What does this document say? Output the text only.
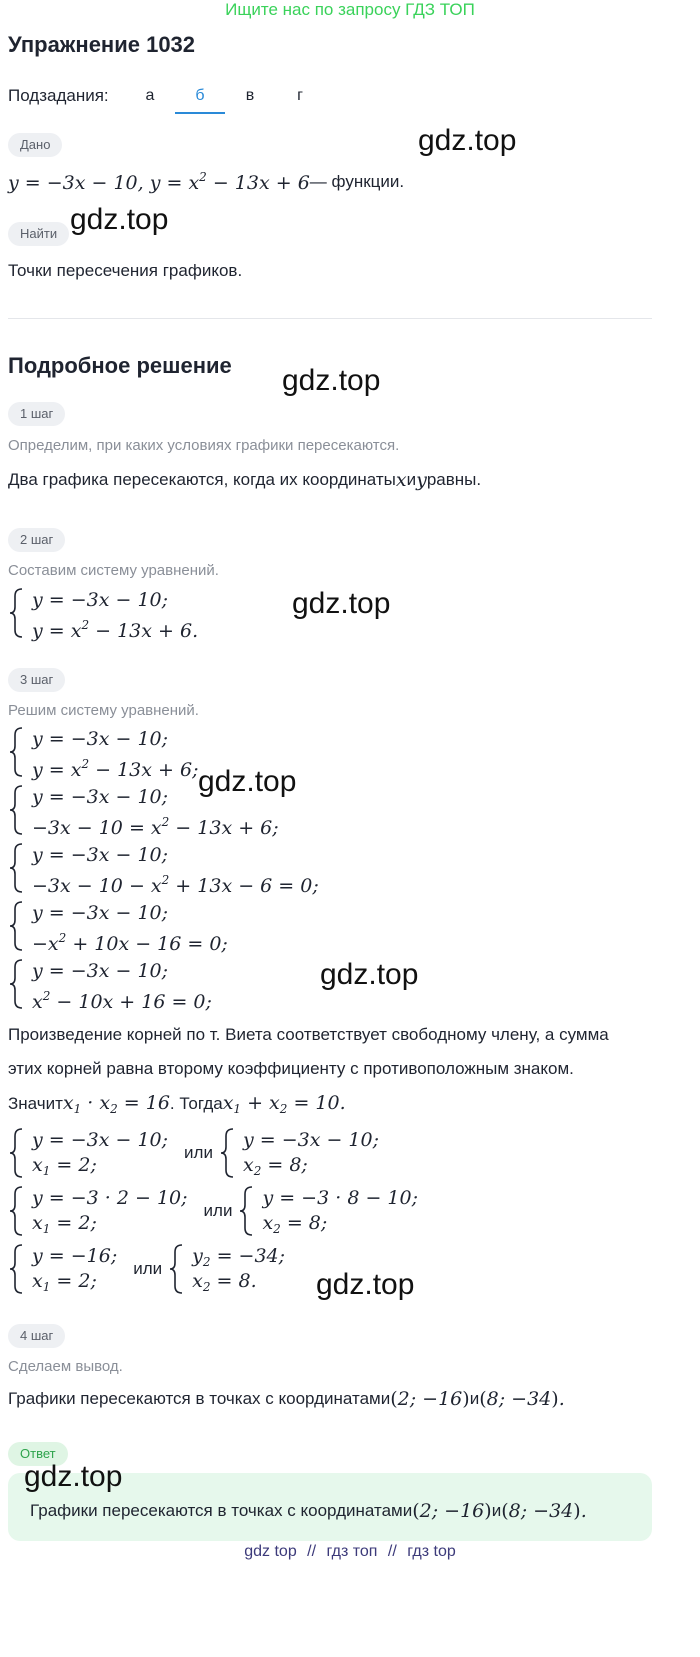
Ищите нас по запросу ГДЗ ТОП
Упражнение 1032
Подзадания:	а	б	в	г
Дано
y = −3x − 10, $y = x^2 - 13x + 6$ — функции.
Найти
Точки пересечения графиков.
Подробное решение
1 шаг
Определим, при каких условиях графики пересекаются.
Два графика пересекаются, когда их координаты x и y равны.
2 шаг
Составим систему уравнений.
y = −3x − 10;
$y = x^2 - 13x + 6$.
3 шаг
Решим систему уравнений.
y = −3x − 10;
$y = x^2 - 13x + 6$;
y = −3x − 10;
$-3x - 10 = x^2 - 13x + 6$;
y = −3x − 10;
$-3x - 10 - x^2 + 13x - 6 = 0$;
y = −3x − 10;
$-x^2 + 10x - 16 = 0$;
y = −3x − 10;
$x^2 - 10x + 16 = 0$;
Произведение корней по т. Виета соответствует свободному члену, а сумма
этих корней равна второму коэффициенту с противоположным знаком.
Значит $x_1 \cdot x_2 = 16$ . Тогда $x_1 + x_2 = 10$.
y = −3x − 10;
$x_1 = 2$;
или
y = −3x − 10;
$x_2 = 8$;
y = −3 · 2 − 10;
$x_1 = 2$;
или
y = −3 · 8 − 10;
$x_2 = 8$;
y = −16;
$x_1 = 2$;
или
$y_2 = -34$;
$x_2 = 8$.
4 шаг
Сделаем вывод.
Графики пересекаются в точках с координатами (2; −16) и (8; −34).
Ответ
Графики пересекаются в точках с координатами (2; −16) и (8; −34).
gdz.top
gdz.top
gdz.top
gdz.top
gdz.top
gdz.top
gdz.top
gdz.top
gdz top // гдз топ // гдз top
